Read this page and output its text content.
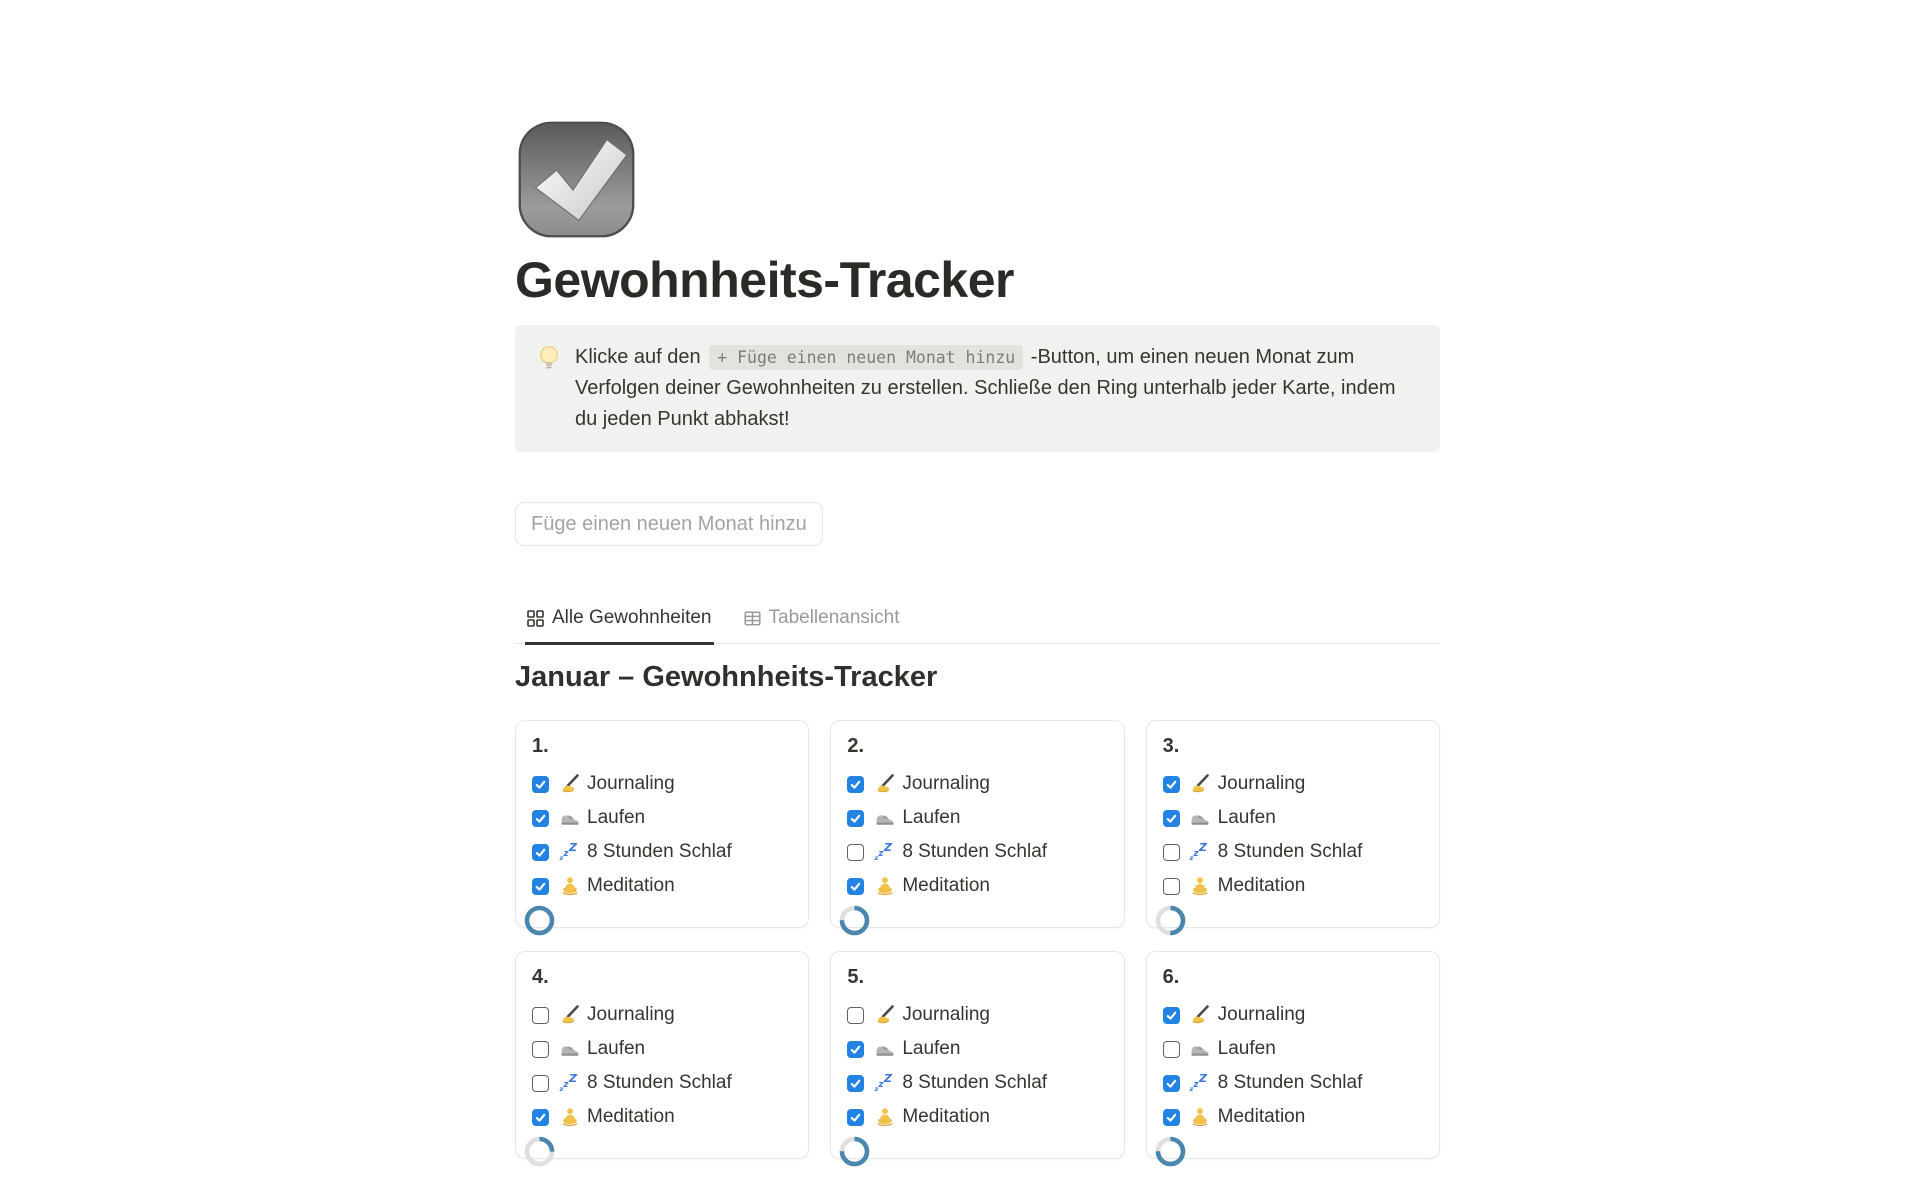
Gewohnheits-Tracker
Klicke auf den + Füge einen neuen Monat hinzu -Button, um einen neuen Monat zum Verfolgen deiner Gewohnheiten zu erstellen. Schließe den Ring unterhalb jeder Karte, indem du jeden Punkt abhakst!
Füge einen neuen Monat hinzu
Alle Gewohnheiten	Tabellenansicht
Januar – Gewohnheits-Tracker
1.
Journaling
Laufen
Z
z
z 8 Stunden Schlaf
Meditation
2.
Journaling
Laufen
Z
z
z 8 Stunden Schlaf
Meditation
3.
Journaling
Laufen
Z
z
z 8 Stunden Schlaf
Meditation
4.
Journaling
Laufen
Z
z
z 8 Stunden Schlaf
Meditation
5.
Journaling
Laufen
Z
z
z 8 Stunden Schlaf
Meditation
6.
Journaling
Laufen
Z
z
z 8 Stunden Schlaf
Meditation
